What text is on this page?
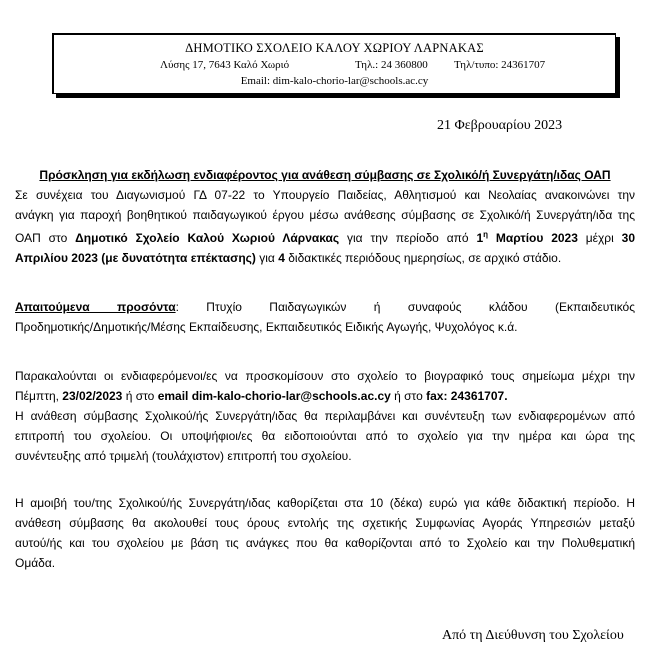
ΔΗΜΟΤΙΚΟ ΣΧΟΛΕΙΟ ΚΑΛΟΥ ΧΩΡΙΟΥ ΛΑΡΝΑΚΑΣ
Λύσης 17, 7643 Καλό Χωριό	Τηλ.: 24 360800 Τηλ/τυπο: 24361707
Email: dim-kalo-chorio-lar@schools.ac.cy
21 Φεβρουαρίου 2023
Πρόσκληση για εκδήλωση ενδιαφέροντος για ανάθεση σύμβασης σε Σχολικό/ή Συνεργάτη/ιδας ΟΑΠ
Σε συνέχεια του Διαγωνισμού ΓΔ 07-22 το Υπουργείο Παιδείας, Αθλητισμού και Νεολαίας ανακοινώνει την
ανάγκη για παροχή βοηθητικού παιδαγωγικού έργου μέσω ανάθεσης σύμβασης σε Σχολικό/ή Συνεργάτη/ιδα της
ΟΑΠ στο Δημοτικό Σχολείο Καλού Χωριού Λάρνακας για την περίοδο από $1^\eta$ Μαρτίου 2023 μέχρι 30
Απριλίου 2023 (με δυνατότητα επέκτασης) για 4 διδακτικές περιόδους ημερησίως, σε αρχικό στάδιο.
Απαιτούμενα προσόντα: Πτυχίο Παιδαγωγικών ή συναφούς κλάδου (Εκπαιδευτικός
Προδημοτικής/Δημοτικής/Μέσης Εκπαίδευσης, Εκπαιδευτικός Ειδικής Αγωγής, Ψυχολόγος κ.ά.
Παρακαλούνται οι ενδιαφερόμενοι/ες να προσκομίσουν στο σχολείο το βιογραφικό τους σημείωμα μέχρι την
Πέμπτη, 23/02/2023 ή στο email dim-kalo-chorio-lar@schools.ac.cy ή στο fax: 24361707.
Η ανάθεση σύμβασης Σχολικού/ής Συνεργάτη/ιδας θα περιλαμβάνει και συνέντευξη των ενδιαφερομένων από
επιτροπή του σχολείου. Οι υποψήφιοι/ες θα ειδοποιούνται από το σχολείο για την ημέρα και ώρα της
συνέντευξης από τριμελή (τουλάχιστον) επιτροπή του σχολείου.
Η αμοιβή του/της Σχολικού/ής Συνεργάτη/ιδας καθορίζεται στα 10 (δέκα) ευρώ για κάθε διδακτική περίοδο. Η
ανάθεση σύμβασης θα ακολουθεί τους όρους εντολής της σχετικής Συμφωνίας Αγοράς Υπηρεσιών μεταξύ
αυτού/ής και του σχολείου με βάση τις ανάγκες που θα καθορίζονται από το Σχολείο και την Πολυθεματική
Ομάδα.
Από τη Διεύθυνση του Σχολείου
